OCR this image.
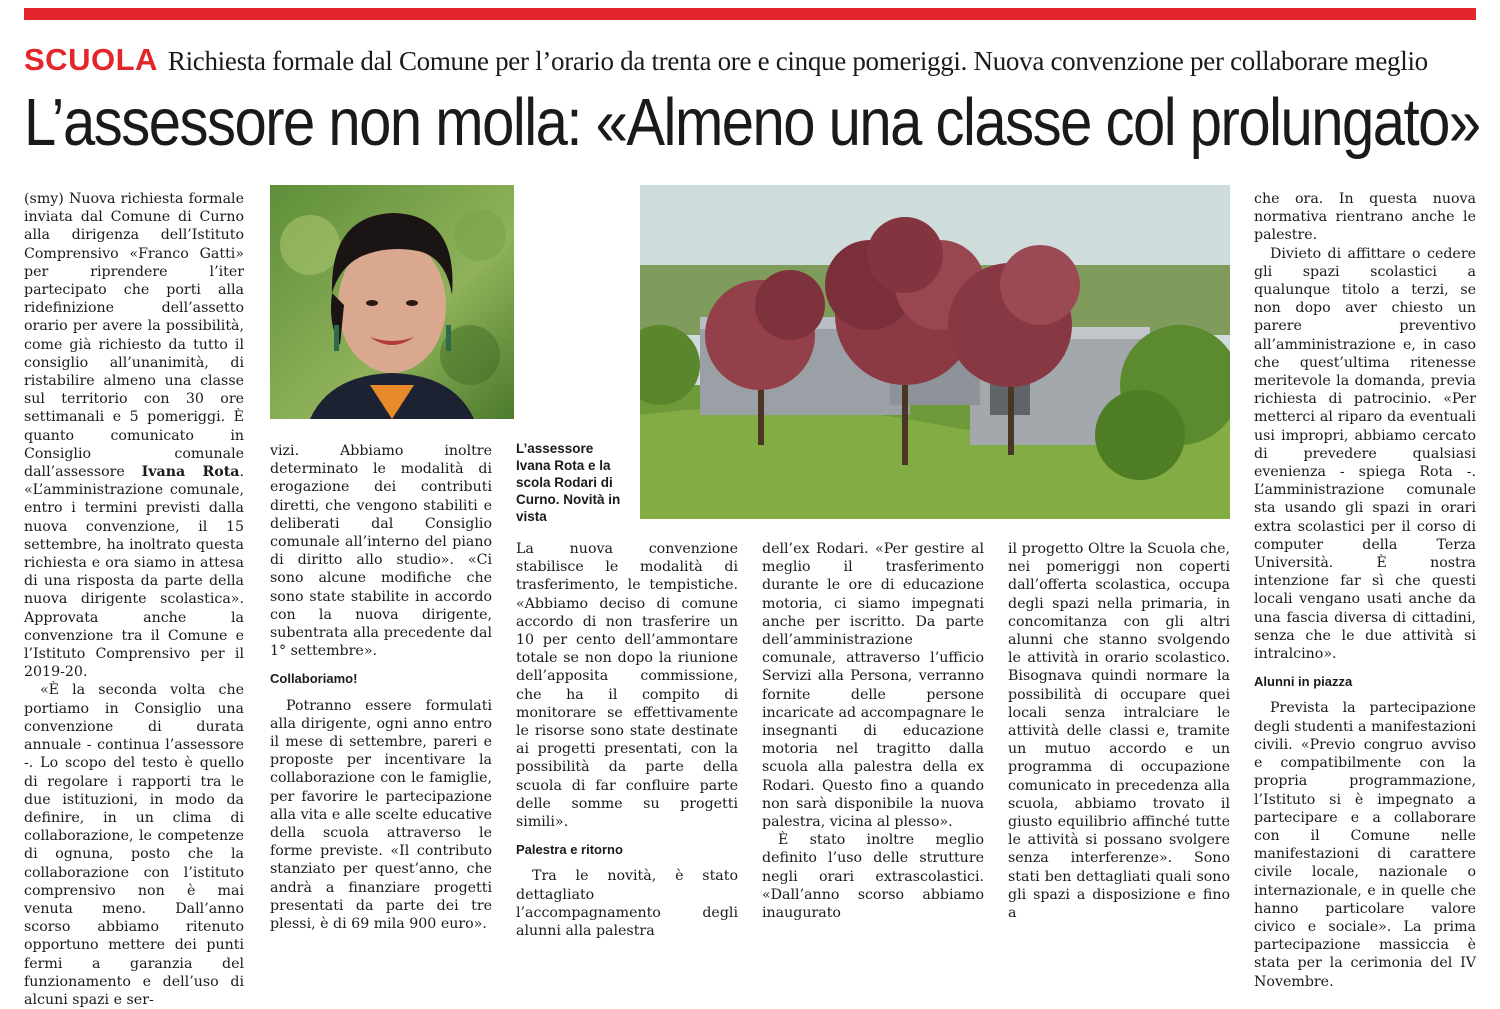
SCUOLA Richiesta formale dal Comune per l’orario da trenta ore e cinque pomeriggi. Nuova convenzione per collaborare meglio
L’assessore non molla: «Almeno una classe col prolungato»

(smy) Nuova richiesta formale inviata dal Comune di Curno alla dirigenza dell’Istituto Comprensivo «Franco Gatti» per riprendere l’iter partecipato che porti alla ridefinizione dell’assetto orario per avere la possibilità, come già richiesto da tutto il consiglio all’unanimità, di ristabilire almeno una classe sul territorio con 30 ore settimanali e 5 pomeriggi. È quanto comunicato in Consiglio comunale dall’assessore Ivana Rota. «L’amministrazione comunale, entro i termini previsti dalla nuova convenzione, il 15 settembre, ha inoltrato questa richiesta e ora siamo in attesa di una risposta da parte della nuova dirigente scolastica». Approvata anche la convenzione tra il Comune e l’Istituto Comprensivo per il 2019-20.

«È la seconda volta che portiamo in Consiglio una convenzione di durata annuale - continua l’assessore -. Lo scopo del testo è quello di regolare i rapporti tra le due istituzioni, in modo da definire, in un clima di collaborazione, le competenze di ognuna, posto che la collaborazione con l’istituto comprensivo non è mai venuta meno. Dall’anno scorso abbiamo ritenuto opportuno mettere dei punti fermi a garanzia del funzionamento e dell’uso di alcuni spazi e ser-

vizi. Abbiamo inoltre determinato le modalità di erogazione dei contributi diretti, che vengono stabiliti e deliberati dal Consiglio comunale all’interno del piano di diritto allo studio». «Ci sono alcune modifiche che sono state stabilite in accordo con la nuova dirigente, subentrata alla precedente dal 1° settembre».

Collaboriamo!

Potranno essere formulati alla dirigente, ogni anno entro il mese di settembre, pareri e proposte per incentivare la collaborazione con le famiglie, per favorire le partecipazione alla vita e alle scelte educative della scuola attraverso le forme previste. «Il contributo stanziato per quest’anno, che andrà a finanziare progetti presentati da parte dei tre plessi, è di 69 mila 900 euro».

L’assessore Ivana Rota e la scola Rodari di Curno. Novità in vista

La nuova convenzione stabilisce le modalità di trasferimento, le tempistiche. «Abbiamo deciso di comune accordo di non trasferire un 10 per cento dell’ammontare totale se non dopo la riunione dell’apposita commissione, che ha il compito di monitorare se effettivamente le risorse sono state destinate ai progetti presentati, con la possibilità da parte della scuola di far confluire parte delle somme su progetti simili».

Palestra e ritorno

Tra le novità, è stato dettagliato l’accompagnamento degli alunni alla palestra

dell’ex Rodari. «Per gestire al meglio il trasferimento durante le ore di educazione motoria, ci siamo impegnati anche per iscritto. Da parte dell’amministrazione comunale, attraverso l’ufficio Servizi alla Persona, verranno fornite delle persone incaricate ad accompagnare le insegnanti di educazione motoria nel tragitto dalla scuola alla palestra della ex Rodari. Questo fino a quando non sarà disponibile la nuova palestra, vicina al plesso».

È stato inoltre meglio definito l’uso delle strutture negli orari extrascolastici. «Dall’anno scorso abbiamo inaugurato

il progetto Oltre la Scuola che, nei pomeriggi non coperti dall’offerta scolastica, occupa degli spazi nella primaria, in concomitanza con gli altri alunni che stanno svolgendo le attività in orario scolastico. Bisognava quindi normare la possibilità di occupare quei locali senza intralciare le attività delle classi e, tramite un mutuo accordo e un programma di occupazione comunicato in precedenza alla scuola, abbiamo trovato il giusto equilibrio affinché tutte le attività si possano svolgere senza interferenze». Sono stati ben dettagliati quali sono gli spazi a disposizione e fino a

che ora. In questa nuova normativa rientrano anche le palestre.

Divieto di affittare o cedere gli spazi scolastici a qualunque titolo a terzi, se non dopo aver chiesto un parere preventivo all’amministrazione e, in caso che quest’ultima ritenesse meritevole la domanda, previa richiesta di patrocinio. «Per metterci al riparo da eventuali usi impropri, abbiamo cercato di prevedere qualsiasi evenienza - spiega Rota -. L’amministrazione comunale sta usando gli spazi in orari extra scolastici per il corso di computer della Terza Università. È nostra intenzione far sì che questi locali vengano usati anche da una fascia diversa di cittadini, senza che le due attività si intralcino».

Alunni in piazza

Prevista la partecipazione degli studenti a manifestazioni civili. «Previo congruo avviso e compatibilmente con la propria programmazione, l’Istituto si è impegnato a partecipare e a collaborare con il Comune nelle manifestazioni di carattere civile locale, nazionale o internazionale, e in quelle che hanno particolare valore civico e sociale». La prima partecipazione massiccia è stata per la cerimonia del IV Novembre.
